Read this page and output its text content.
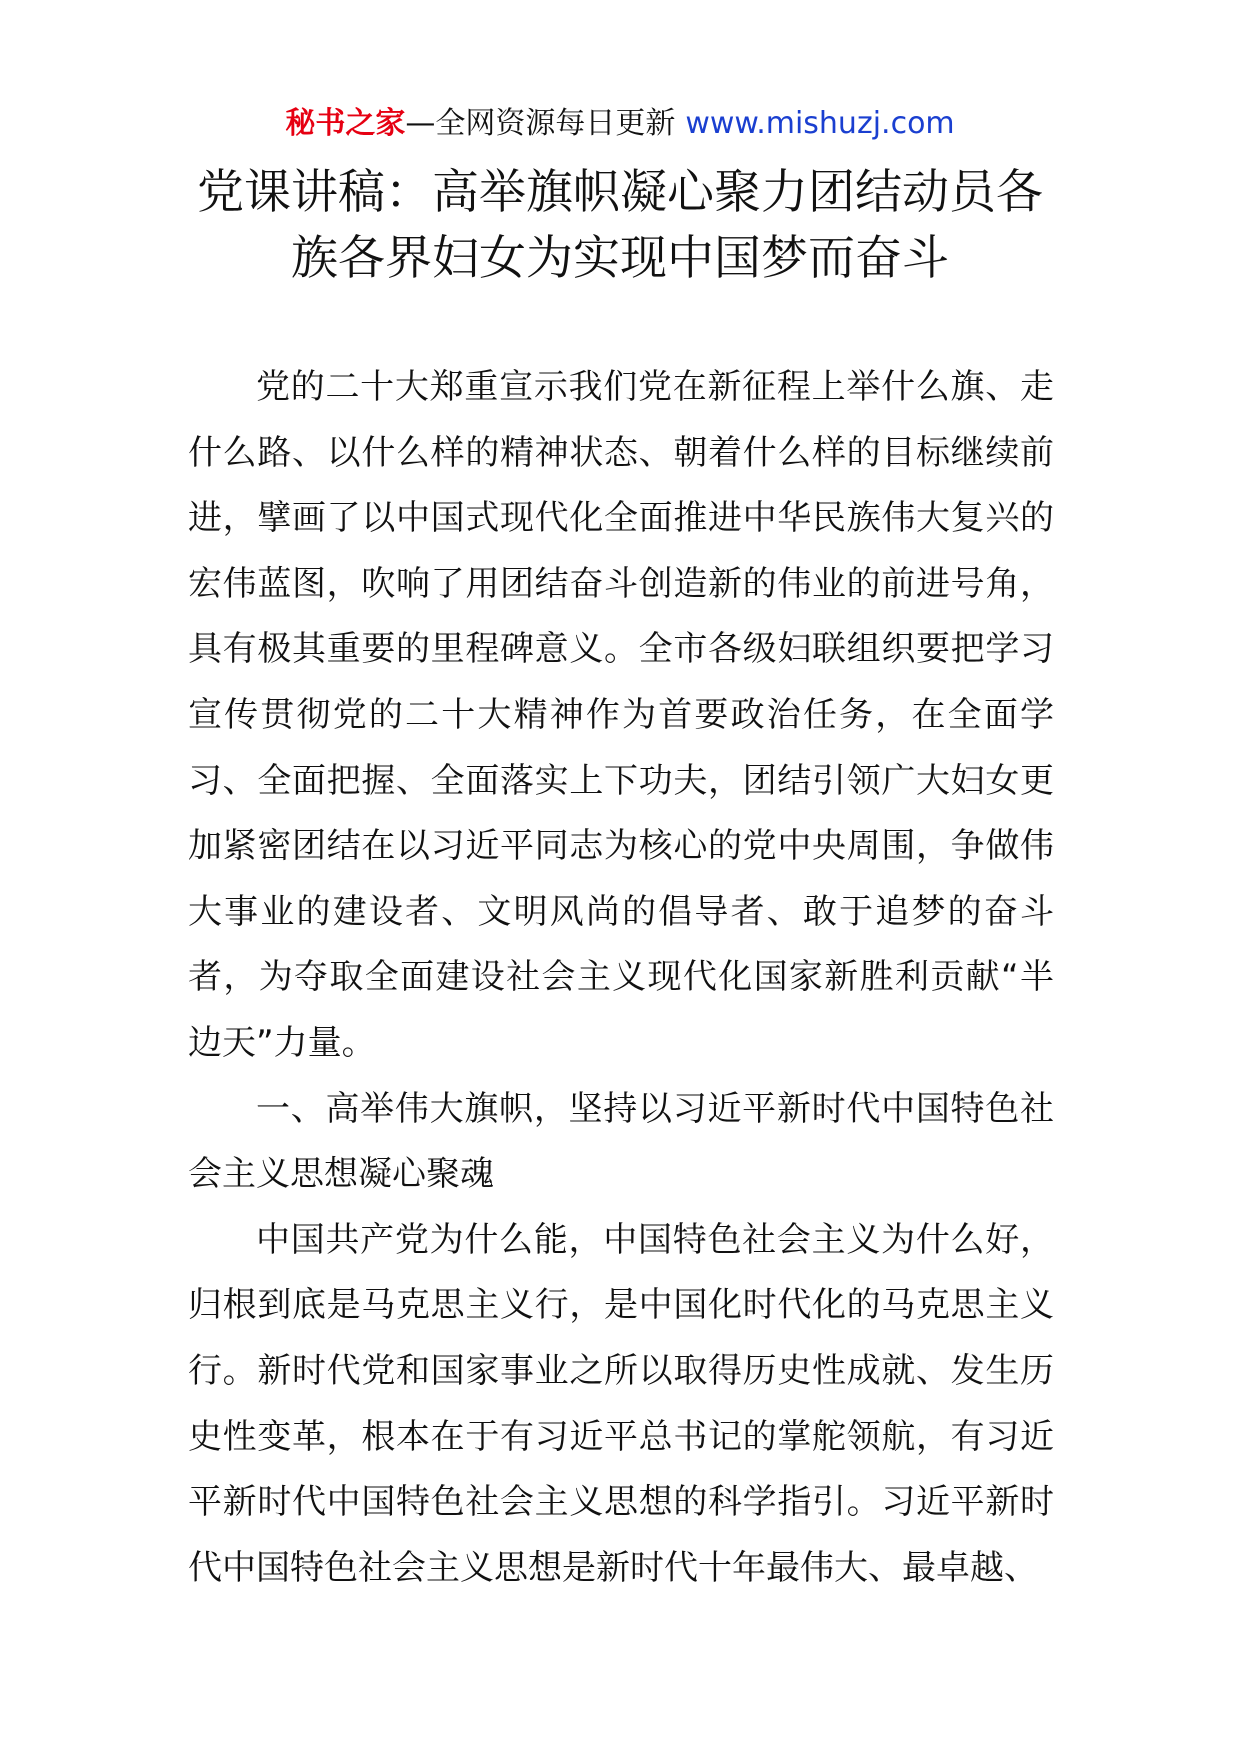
秘书之家—全网资源每日更新 www.mishuzj.com
党课讲稿：高举旗帜凝心聚力团结动员各
族各界妇女为实现中国梦而奋斗

党的二十大郑重宣示我们党在新征程上举什么旗、走什么路、以什么样的精神状态、朝着什么样的目标继续前进，擘画了以中国式现代化全面推进中华民族伟大复兴的宏伟蓝图，吹响了用团结奋斗创造新的伟业的前进号角，具有极其重要的里程碑意义。全市各级妇联组织要把学习宣传贯彻党的二十大精神作为首要政治任务，在全面学习、全面把握、全面落实上下功夫，团结引领广大妇女更加紧密团结在以习近平同志为核心的党中央周围，争做伟大事业的建设者、文明风尚的倡导者、敢于追梦的奋斗者，为夺取全面建设社会主义现代化国家新胜利贡献“半边天”力量。

一、高举伟大旗帜，坚持以习近平新时代中国特色社会主义思想凝心聚魂

中国共产党为什么能，中国特色社会主义为什么好，归根到底是马克思主义行，是中国化时代化的马克思主义行。新时代党和国家事业之所以取得历史性成就、发生历史性变革，根本在于有习近平总书记的掌舵领航，有习近平新时代中国特色社会主义思想的科学指引。习近平新时代中国特色社会主义思想是新时代十年最伟大、最卓越、
